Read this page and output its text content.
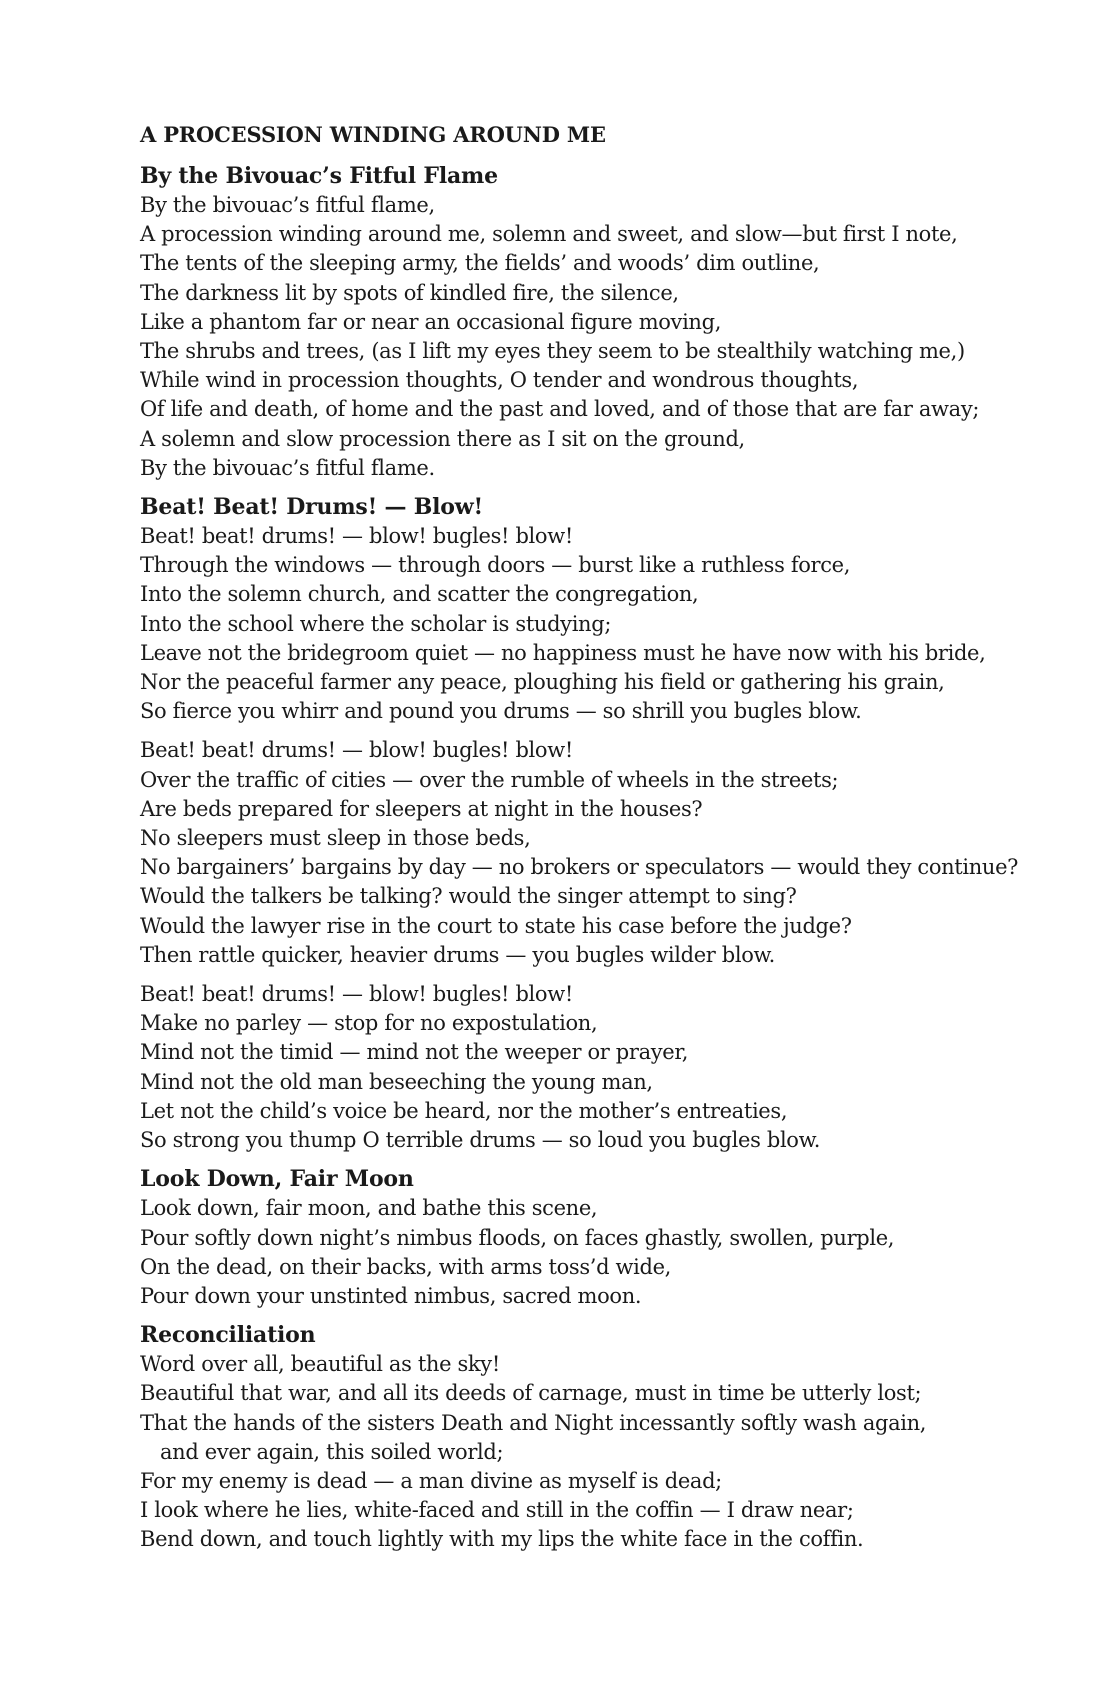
A PROCESSION WINDING AROUND ME
By the Bivouac’s Fitful Flame
By the bivouac’s fitful flame,
A procession winding around me, solemn and sweet, and slow—but first I note,
The tents of the sleeping army, the fields’ and woods’ dim outline,
The darkness lit by spots of kindled fire, the silence,
Like a phantom far or near an occasional figure moving,
The shrubs and trees, (as I lift my eyes they seem to be stealthily watching me,)
While wind in procession thoughts, O tender and wondrous thoughts,
Of life and death, of home and the past and loved, and of those that are far away;
A solemn and slow procession there as I sit on the ground,
By the bivouac’s fitful flame.
Beat! Beat! Drums! — Blow!
Beat! beat! drums! — blow! bugles! blow!
Through the windows — through doors — burst like a ruthless force,
Into the solemn church, and scatter the congregation,
Into the school where the scholar is studying;
Leave not the bridegroom quiet — no happiness must he have now with his bride,
Nor the peaceful farmer any peace, ploughing his field or gathering his grain,
So fierce you whirr and pound you drums — so shrill you bugles blow.
Beat! beat! drums! — blow! bugles! blow!
Over the traffic of cities — over the rumble of wheels in the streets;
Are beds prepared for sleepers at night in the houses?
No sleepers must sleep in those beds,
No bargainers’ bargains by day — no brokers or speculators — would they continue?
Would the talkers be talking? would the singer attempt to sing?
Would the lawyer rise in the court to state his case before the judge?
Then rattle quicker, heavier drums — you bugles wilder blow.
Beat! beat! drums! — blow! bugles! blow!
Make no parley — stop for no expostulation,
Mind not the timid — mind not the weeper or prayer,
Mind not the old man beseeching the young man,
Let not the child’s voice be heard, nor the mother’s entreaties,
So strong you thump O terrible drums — so loud you bugles blow.
Look Down, Fair Moon
Look down, fair moon, and bathe this scene,
Pour softly down night’s nimbus floods, on faces ghastly, swollen, purple,
On the dead, on their backs, with arms toss’d wide,
Pour down your unstinted nimbus, sacred moon.
Reconciliation
Word over all, beautiful as the sky!
Beautiful that war, and all its deeds of carnage, must in time be utterly lost;
That the hands of the sisters Death and Night incessantly softly wash again,
and ever again, this soiled world;
For my enemy is dead — a man divine as myself is dead;
I look where he lies, white-faced and still in the coffin — I draw near;
Bend down, and touch lightly with my lips the white face in the coffin.
